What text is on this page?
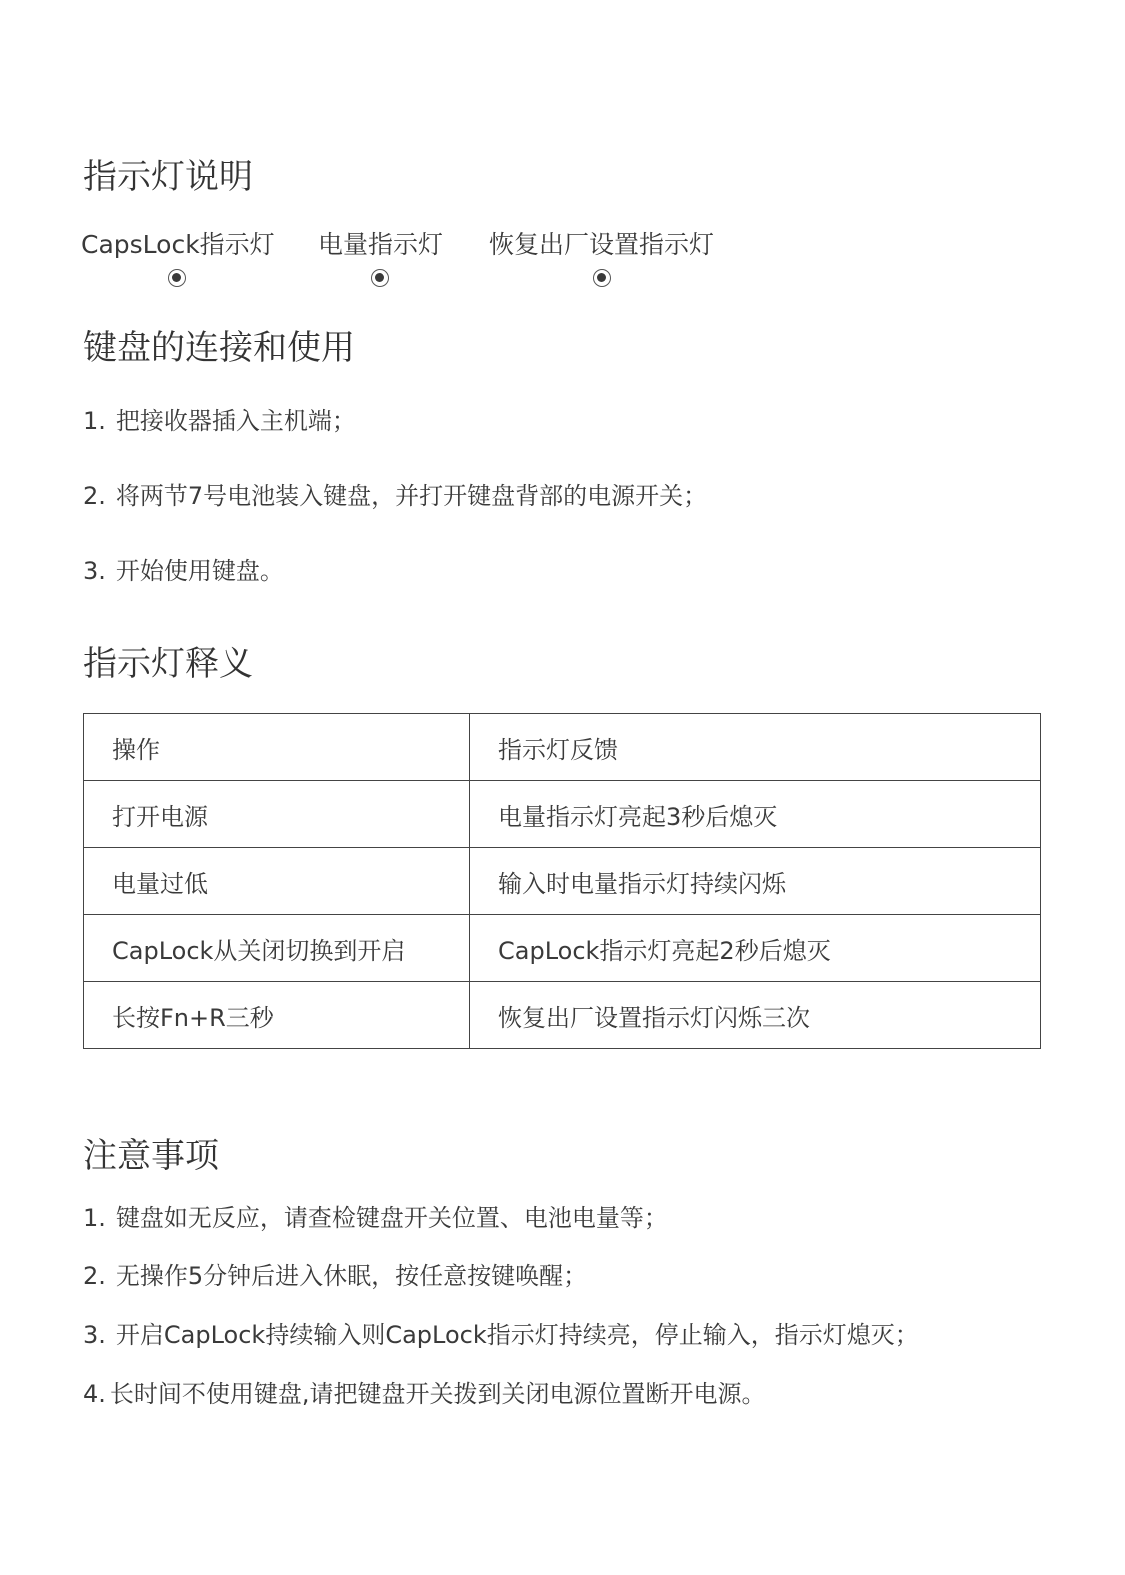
指示灯说明
CapsLock指示灯 电量指示灯 恢复出厂设置指示灯
键盘的连接和使用
1. 把接收器插入主机端；
2. 将两节7号电池装入键盘，并打开键盘背部的电源开关；
3. 开始使用键盘。
指示灯释义
操作	指示灯反馈
打开电源	电量指示灯亮起3秒后熄灭
电量过低	输入时电量指示灯持续闪烁
CapLock从关闭切换到开启	CapLock指示灯亮起2秒后熄灭
长按Fn+R三秒	恢复出厂设置指示灯闪烁三次
注意事项
1. 键盘如无反应，请查检键盘开关位置、电池电量等；
2. 无操作5分钟后进入休眠，按任意按键唤醒；
3. 开启CapLock持续输入则CapLock指示灯持续亮，停止输入，指示灯熄灭；
4. 长时间不使用键盘,请把键盘开关拨到关闭电源位置断开电源。
